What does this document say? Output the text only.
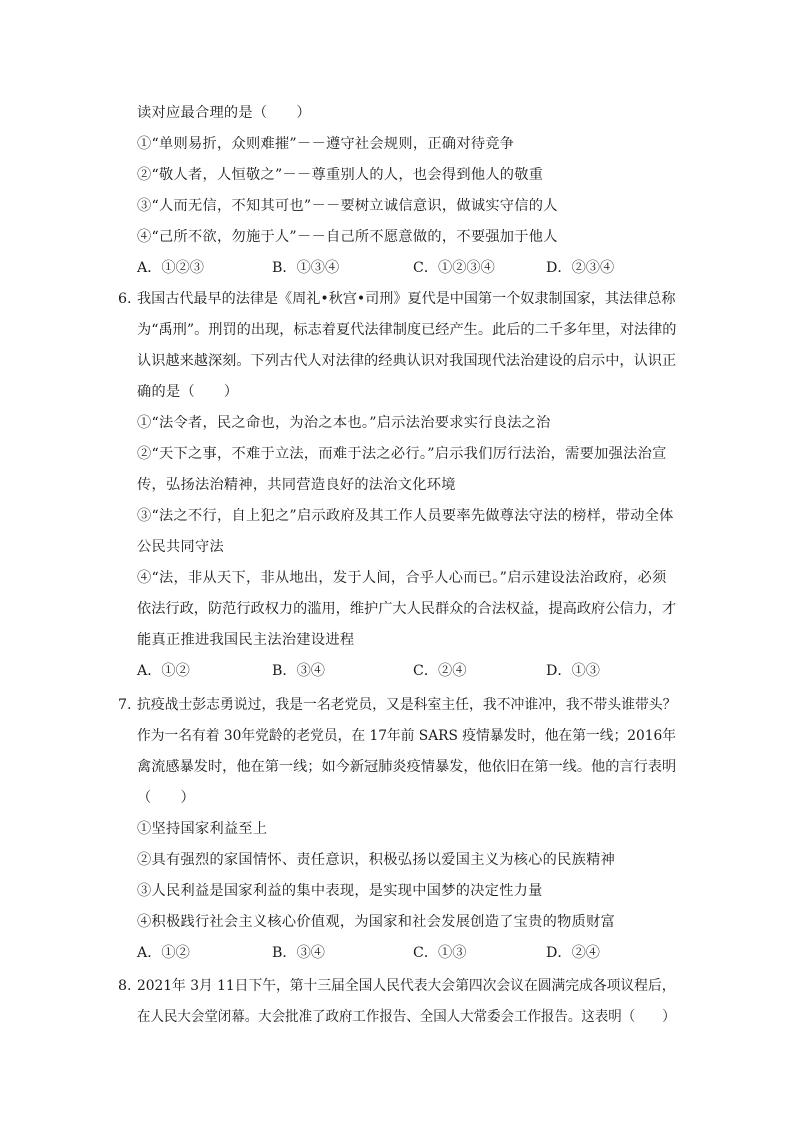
读对应最合理的是（　　）
①“单则易折，众则难摧”－－遵守社会规则，正确对待竞争
②“敬人者，人恒敬之”－－尊重别人的人，也会得到他人的敬重
③“人而无信，不知其可也”－－要树立诚信意识，做诚实守信的人
④“己所不欲，勿施于人”－－自己所不愿意做的，不要强加于他人
A．①②③	B．①③④	C．①②③④	D．②③④
6. 我国古代最早的法律是《周礼•秋宫•司刑》夏代是中国第一个奴隶制国家，其法律总称
为“禹刑”。刑罚的出现，标志着夏代法律制度已经产生。此后的二千多年里，对法律的
认识越来越深刻。下列古代人对法律的经典认识对我国现代法治建设的启示中，认识正
确的是（　　）
①“法令者，民之命也，为治之本也。”启示法治要求实行良法之治
②“天下之事，不难于立法，而难于法之必行。”启示我们厉行法治，需要加强法治宣
传，弘扬法治精神，共同营造良好的法治文化环境
③“法之不行，自上犯之”启示政府及其工作人员要率先做尊法守法的榜样，带动全体
公民共同守法
④“法，非从天下，非从地出，发于人间，合乎人心而已。”启示建设法治政府，必须
依法行政，防范行政权力的滥用，维护广大人民群众的合法权益，提高政府公信力，才
能真正推进我国民主法治建设进程
A．①②	B．③④	C．②④	D．①③
7. 抗疫战士彭志勇说过，我是一名老党员，又是科室主任，我不冲谁冲，我不带头谁带头？
作为一名有着 30年党龄的老党员，在 17年前 SARS 疫情暴发时，他在第一线；2016年
禽流感暴发时，他在第一线；如今新冠肺炎疫情暴发，他依旧在第一线。他的言行表明
（　　）
①坚持国家利益至上
②具有强烈的家国情怀、责任意识，积极弘扬以爱国主义为核心的民族精神
③人民利益是国家利益的集中表现，是实现中国梦的决定性力量
④积极践行社会主义核心价值观，为国家和社会发展创造了宝贵的物质财富
A．①②	B．③④	C．①③	D．②④
8. 2021年 3月 11日下午，第十三届全国人民代表大会第四次会议在圆满完成各项议程后，
在人民大会堂闭幕。大会批准了政府工作报告、全国人大常委会工作报告。这表明（　　）
